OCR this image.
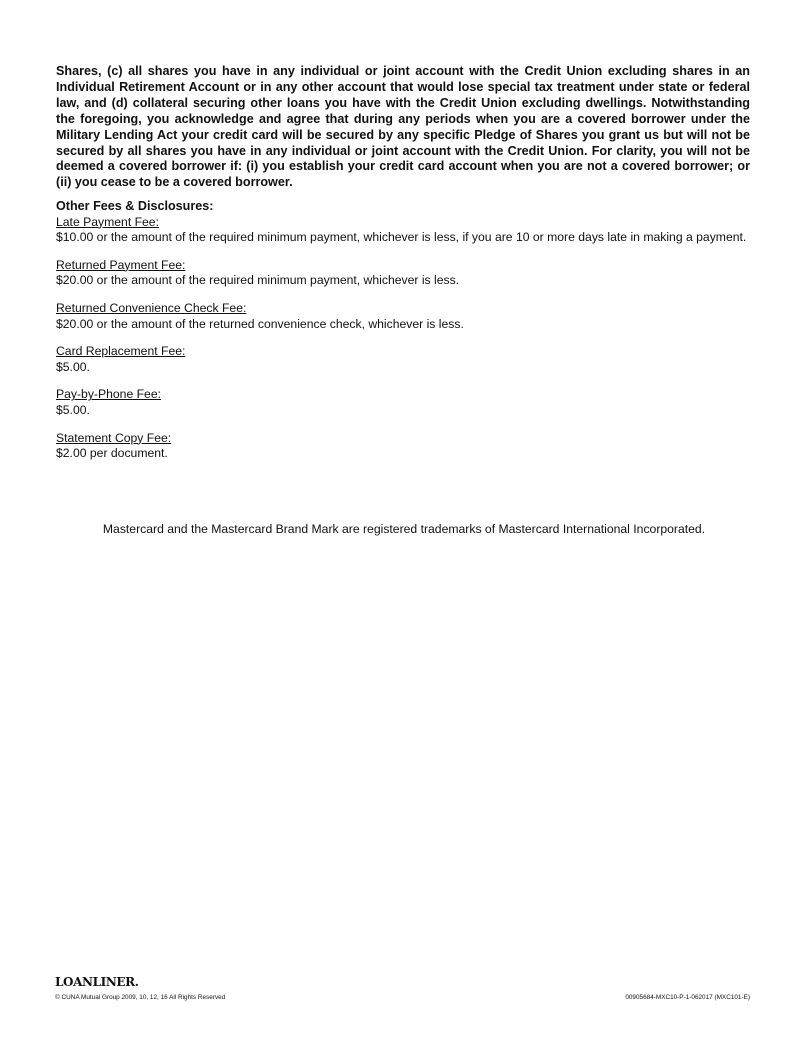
Shares, (c) all shares you have in any individual or joint account with the Credit Union excluding shares in an Individual Retirement Account or in any other account that would lose special tax treatment under state or federal law, and (d) collateral securing other loans you have with the Credit Union excluding dwellings. Notwithstanding the foregoing, you acknowledge and agree that during any periods when you are a covered borrower under the Military Lending Act your credit card will be secured by any specific Pledge of Shares you grant us but will not be secured by all shares you have in any individual or joint account with the Credit Union. For clarity, you will not be deemed a covered borrower if: (i) you establish your credit card account when you are not a covered borrower; or (ii) you cease to be a covered borrower.

Other Fees & Disclosures:

Late Payment Fee:
$10.00 or the amount of the required minimum payment, whichever is less, if you are 10 or more days late in making a payment.
Returned Payment Fee:
$20.00 or the amount of the required minimum payment, whichever is less.
Returned Convenience Check Fee:
$20.00 or the amount of the returned convenience check, whichever is less.
Card Replacement Fee:
$5.00.
Pay-by-Phone Fee:
$5.00.
Statement Copy Fee:
$2.00 per document.

Mastercard and the Mastercard Brand Mark are registered trademarks of Mastercard International Incorporated.

LOANLINER.

© CUNA Mutual Group 2009, 10, 12, 16 All Rights Reserved	00905684-MXC10-P-1-062017 (MXC101-E)
